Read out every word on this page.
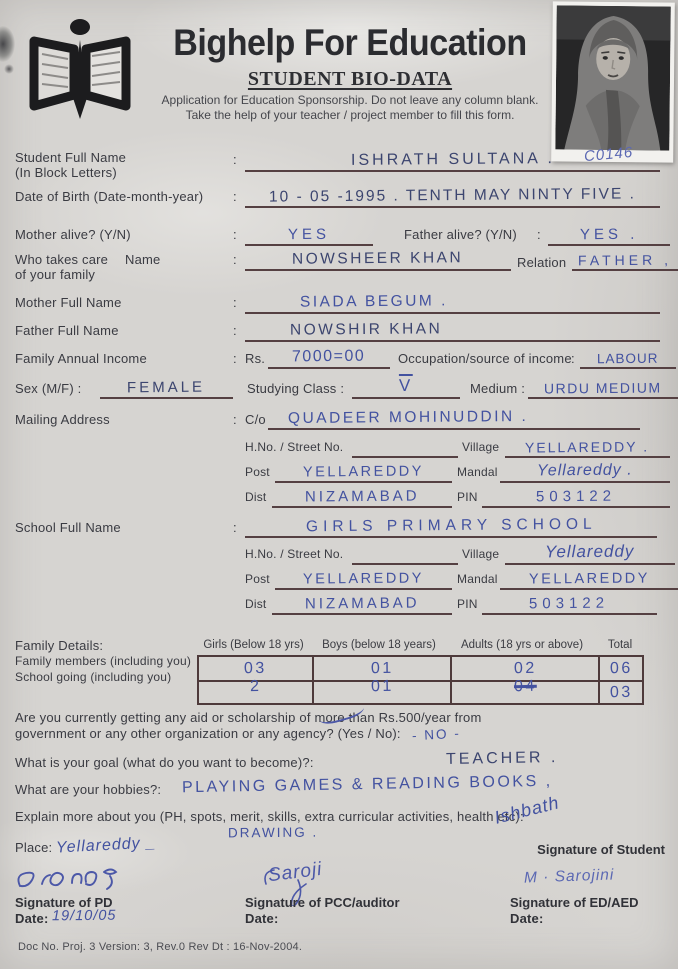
Bighelp For Education
STUDENT BIO-DATA
Application for Education Sponsorship. Do not leave any column blank.
Take the help of your teacher / project member to fill this form.
C0146
Student Full Name
(In Block Letters)
:	ISHRATH SULTANA .
Date of Birth (Date-month-year) : 10 - 05 -1995 . TENTH MAY NINTY FIVE .
Mother alive? (Y/N)	:	YES	Father alive? (Y/N) :	YES .
Who takes care Name
of your family
:	NOWSHEER KHAN	Relation FATHER ,
Mother Full Name	:	SIADA BEGUM .
Father Full Name	:	NOWSHIR KHAN
Family Annual Income	: Rs. 7000=00 Occupation/source of income : LABOUR
Sex (M/F) :	FEMALE	Studying Class :	$\overline{V}$	Medium : URDU MEDIUM
Mailing Address	: C/o QUADEER MOHINUDDIN .
H.No. / Street No.	Village YELLAREDDY .
Post YELLAREDDY	Mandal Yellareddy .
Dist	NIZAMABAD	PIN	503122
School Full Name	:	GIRLS PRIMARY SCHOOL
H.No. / Street No.	Village	Yellareddy
Post YELLAREDDY	Mandal YELLAREDDY
Dist	NIZAMABAD	PIN	503122
Family Details:
Family members (including you)
School going (including you)
Girls (Below 18 yrs)	Boys (below 18 years)	Adults (18 yrs or above)	Total
03	01	02	06
2	01	04	03
Are you currently getting any aid or scholarship of more than Rs.500/year from
government or any other organization or any agency? (Yes / No): - NO -
What is your goal (what do you want to become)?:	TEACHER .
What are your hobbies?: PLAYING GAMES & READING BOOKS ,
Explain more about you (PH, spots, merit, skills, extra curricular activities, health etc):
DRAWING .
Ishbath
Place: Yellareddy _	Signature of Student
Signature of PD
Date: 19/10/05
Saroji
Signature of PCC/auditor
Date:
M · Sarojini
Signature of ED/AED
Date:
Doc No. Proj. 3 Version: 3, Rev.0 Rev Dt : 16-Nov-2004.
